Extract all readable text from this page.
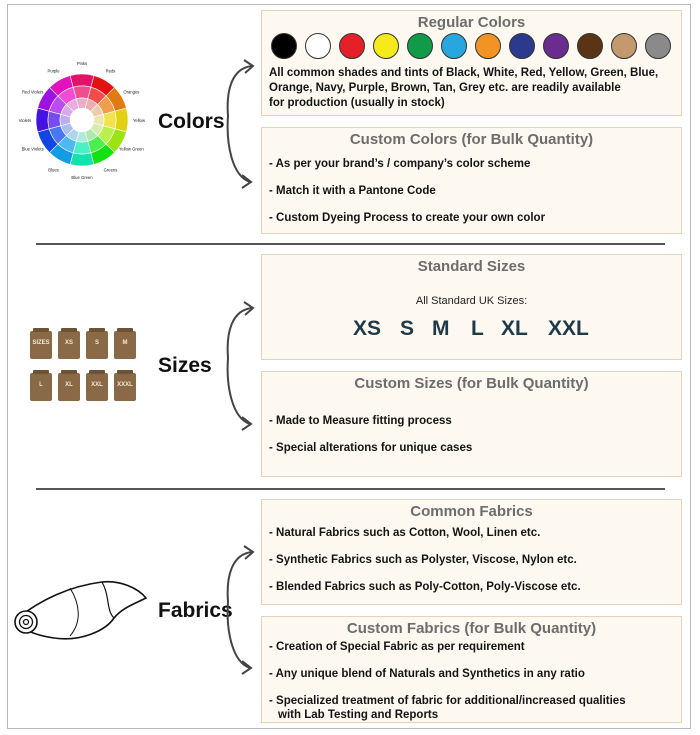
Reds
Oranges
Yellow
Yellow Green
Greens
Blue Green
Blues
Blue Violets
Violets
Red Violets
Purple
Pinks
Colors
Regular Colors
All common shades and tints of Black, White, Red, Yellow, Green, Blue,
Orange, Navy, Purple, Brown, Tan, Grey etc. are readily available
for production (usually in stock)
Custom Colors (for Bulk Quantity)
- As per your brand’s / company’s color scheme
- Match it with a Pantone Code
- Custom Dyeing Process to create your own color
SIZES	XS	S	M
L	XL	XXL	XXXL
Sizes
Standard Sizes
All Standard UK Sizes:
XS S M L XL XXL
Custom Sizes (for Bulk Quantity)
- Made to Measure fitting process
- Special alterations for unique cases
Fabrics
Common Fabrics
- Natural Fabrics such as Cotton, Wool, Linen etc.
- Synthetic Fabrics such as Polyster, Viscose, Nylon etc.
- Blended Fabrics such as Poly-Cotton, Poly-Viscose etc.
Custom Fabrics (for Bulk Quantity)
- Creation of Special Fabric as per requirement
- Any unique blend of Naturals and Synthetics in any ratio
- Specialized treatment of fabric for additional/increased qualities
with Lab Testing and Reports
